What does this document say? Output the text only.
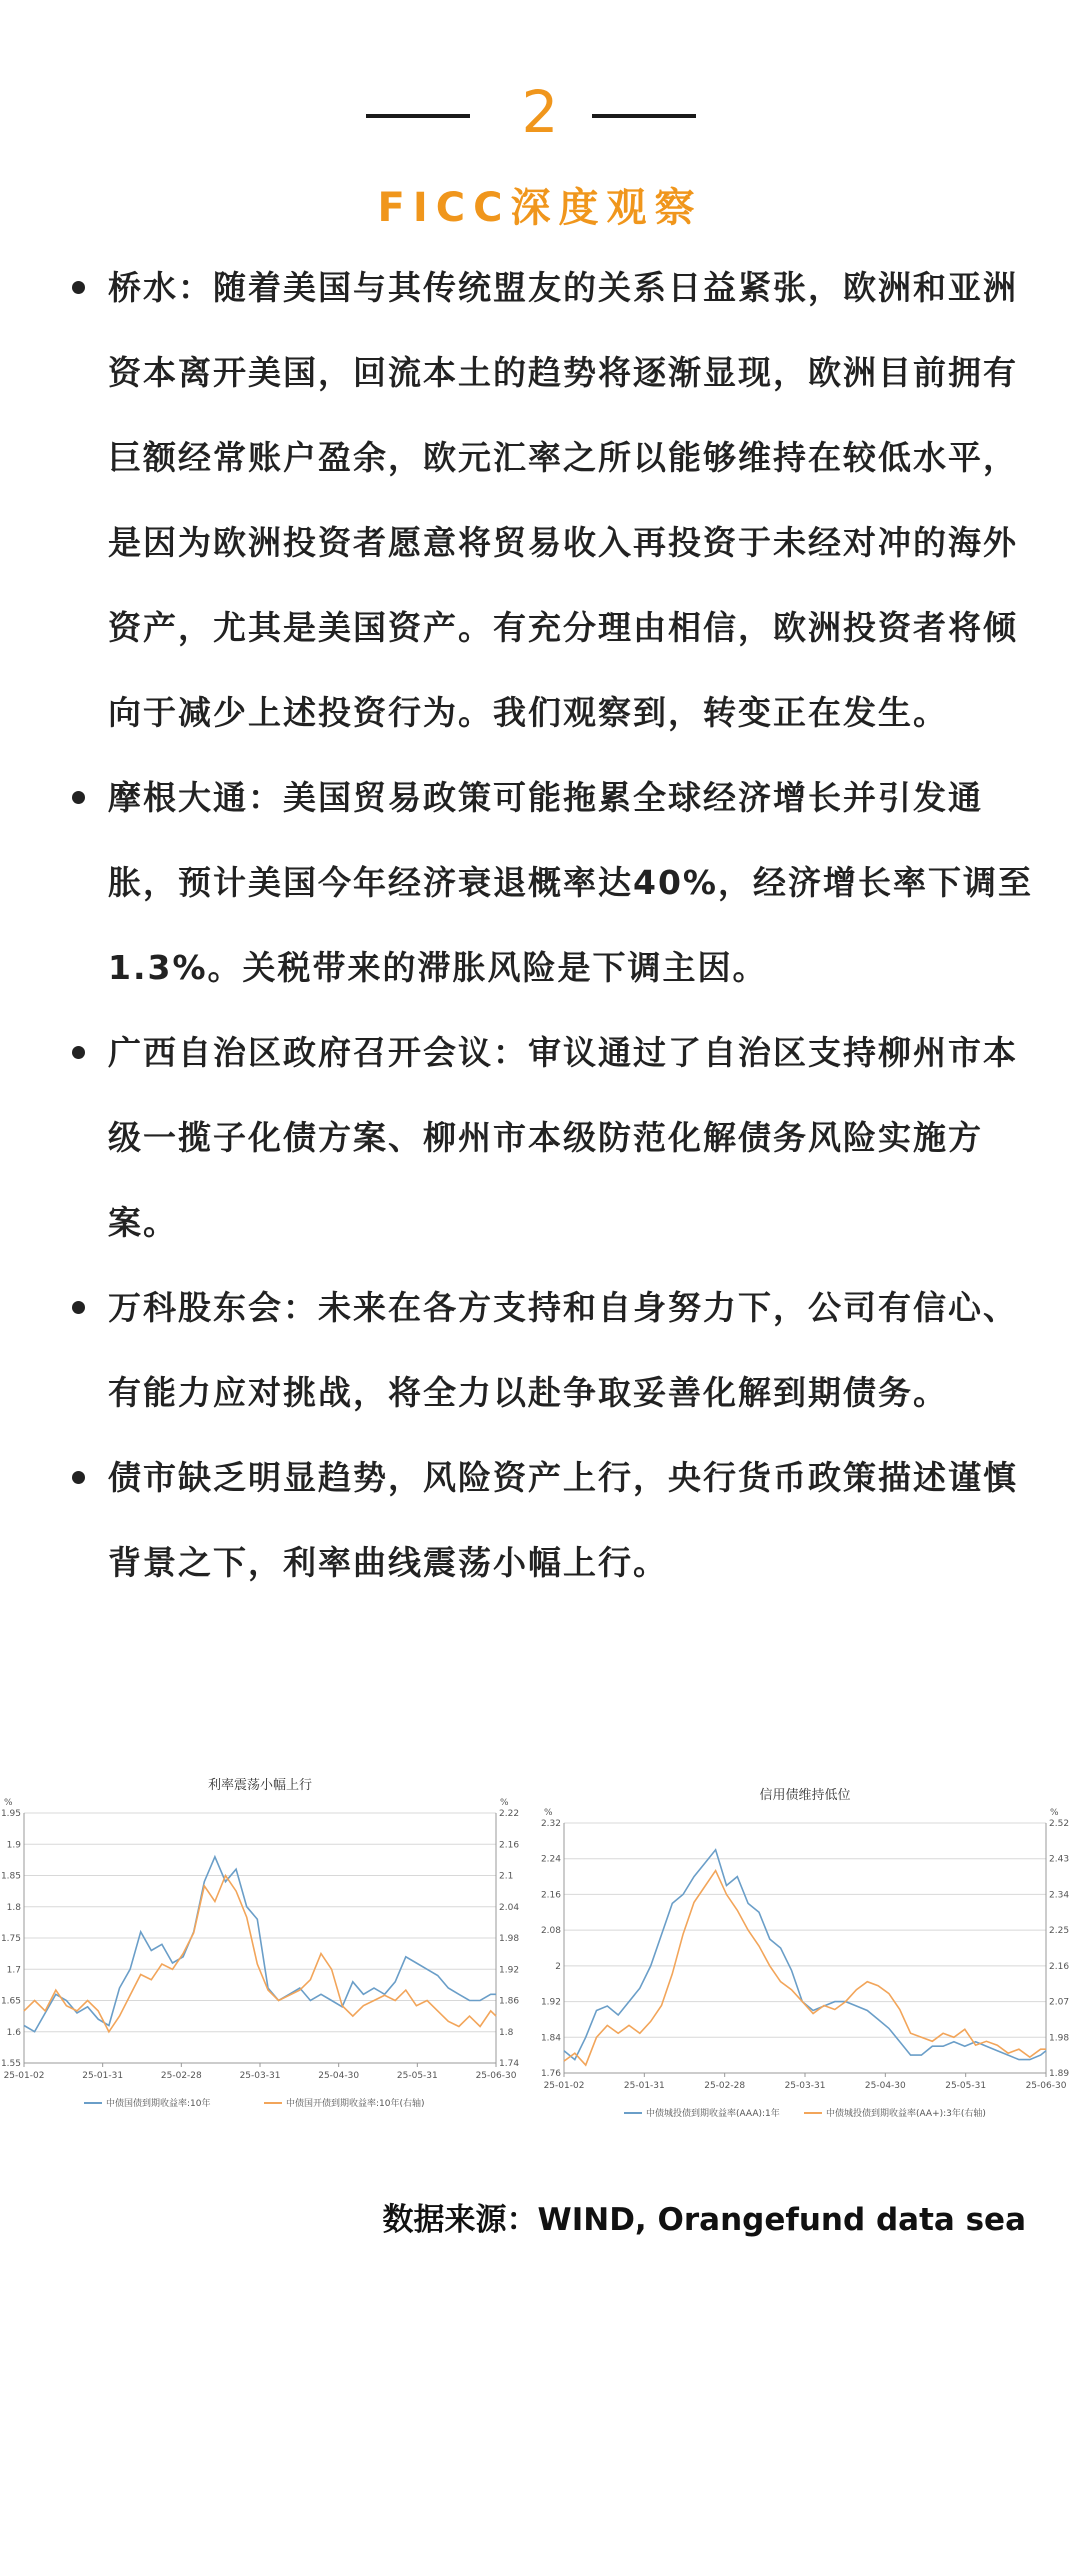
2
FICC深度观察
桥水：随着美国与其传统盟友的关系日益紧张，欧洲和亚洲资本离开美国，回流本土的趋势将逐渐显现，欧洲目前拥有巨额经常账户盈余，欧元汇率之所以能够维持在较低水平，是因为欧洲投资者愿意将贸易收入再投资于未经对冲的海外资产，尤其是美国资产。有充分理由相信，欧洲投资者将倾向于减少上述投资行为。我们观察到，转变正在发生。
摩根大通：美国贸易政策可能拖累全球经济增长并引发通胀，预计美国今年经济衰退概率达40%，经济增长率下调至1.3%。关税带来的滞胀风险是下调主因。
广西自治区政府召开会议：审议通过了自治区支持柳州市本级一揽子化债方案、柳州市本级防范化解债务风险实施方案。
万科股东会：未来在各方支持和自身努力下，公司有信心、有能力应对挑战，将全力以赴争取妥善化解到期债务。
债市缺乏明显趋势，风险资产上行，央行货币政策描述谨慎背景之下，利率曲线震荡小幅上行。
利率震荡小幅上行
%	%
1.55	1.74
1.6	1.8
1.65	1.86
1.7	1.92
1.75	1.98
1.8	2.04
1.85	2.1
1.9	2.16
1.95	2.22
25-01-02	25-01-31	25-02-28	25-03-31	25-04-30	25-05-31	25-06-30
中债国债到期收益率:10年	中债国开债到期收益率:10年(右轴)
信用债维持低位
%	%
1.76	1.89
1.84	1.98
1.92	2.07
2	2.16
2.08	2.25
2.16	2.34
2.24	2.43
2.32	2.52
25-01-02	25-01-31	25-02-28	25-03-31	25-04-30	25-05-31	25-06-30
中债城投债到期收益率(AAA):1年	中债城投债到期收益率(AA+):3年(右轴)
数据来源：WIND, Orangefund data sea
